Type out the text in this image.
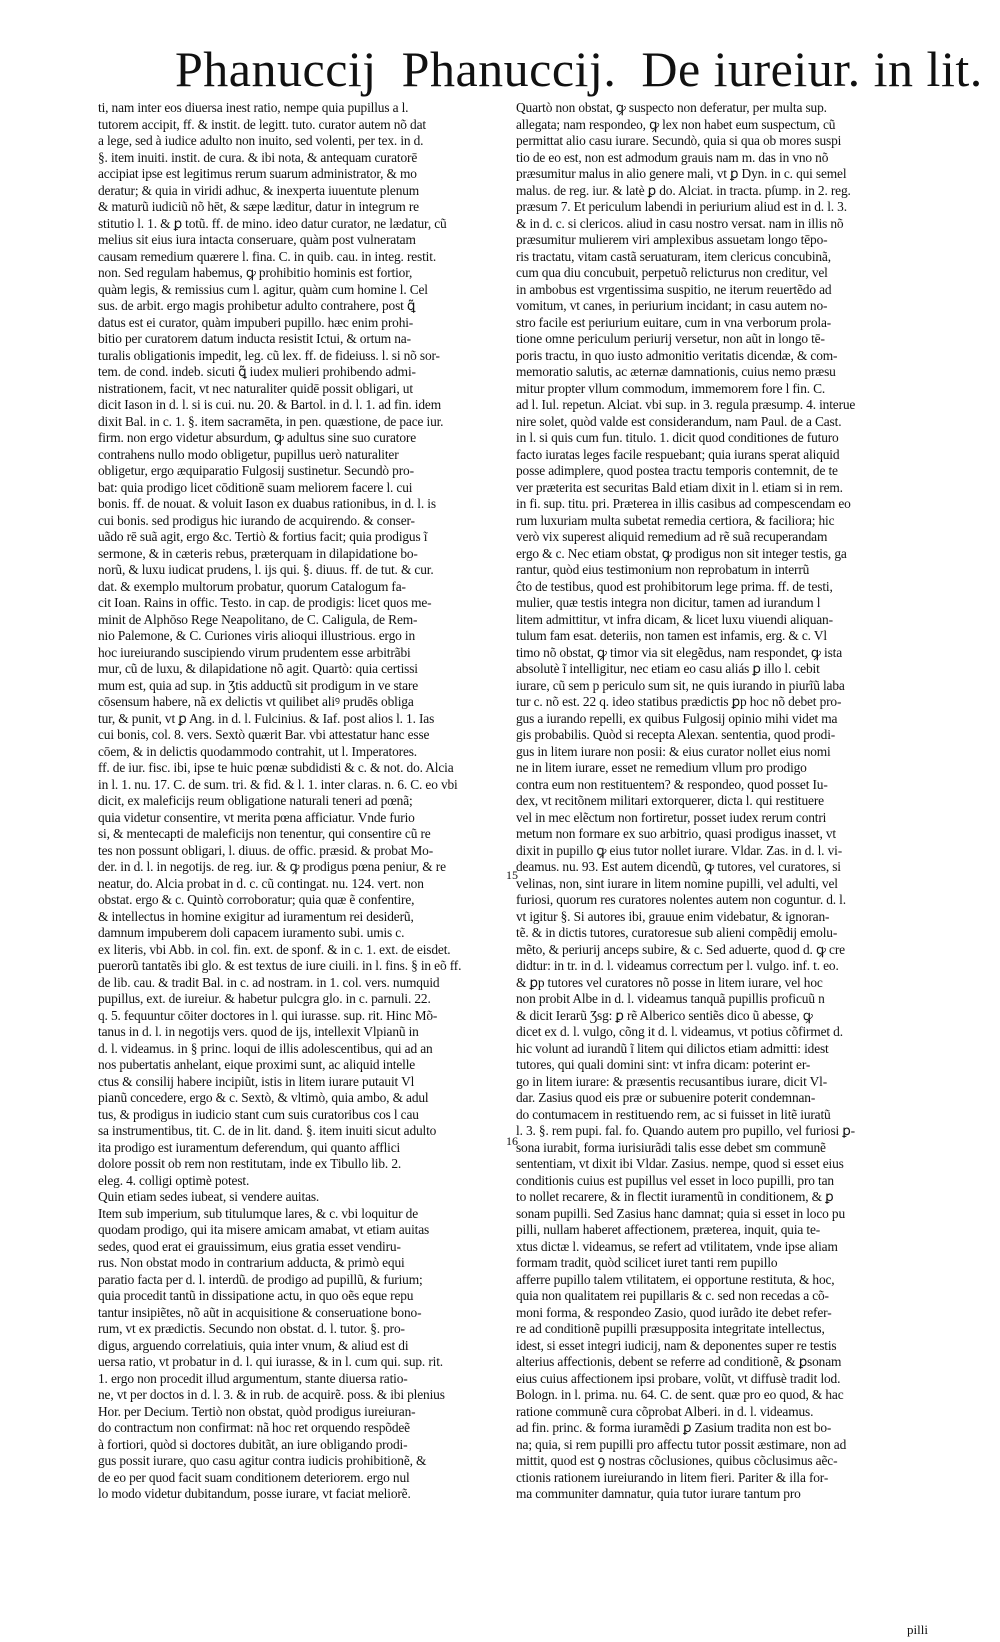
Phanuccij Phanuccij. De iureiur. in lit.
ti, nam inter eos diuersa inest ratio, nempe quia pupillus a l.
tutorem accipit, ff. & instit. de legitt. tuto. curator autem nõ dat
a lege, sed à iudice adulto non inuito, sed volenti, per tex. in d.
§. item inuiti. instit. de cura. & ibi nota, & antequam curatorē
accipiat ipse est legitimus rerum suarum administrator, & mo
deratur; & quia in viridi adhuc, & inexperta iuuentute plenum
& maturũ iudiciũ nõ hēt, & sæpe læditur, datur in integrum re
stitutio l. 1. & ꝑ totũ. ff. de mino. ideo datur curator, ne lædatur, cũ
melius sit eius iura intacta conseruare, quàm post vulneratam
causam remedium quærere l. fina. C. in quib. cau. in integ. restit.
non. Sed regulam habemus, ꝙ prohibitio hominis est fortior,
quàm legis, & remissius cum l. agitur, quàm cum homine l. Cel
sus. de arbit. ergo magis prohibetur adulto contrahere, post ꝗ̃
datus est ei curator, quàm impuberi pupillo. hæc enim prohi-
bitio per curatorem datum inducta resistit Ictui, & ortum na-
turalis obligationis impedit, leg. cũ lex. ff. de fideiuss. l. si nõ sor-
tem. de cond. indeb. sicuti ꝗ̃ iudex mulieri prohibendo admi-
nistrationem, facit, vt nec naturaliter quidē possit obligari, ut
dicit Iason in d. l. si is cui. nu. 20. & Bartol. in d. l. 1. ad fin. idem
dixit Bal. in c. 1. §. item sacramēta, in pen. quæstione, de pace iur.
firm. non ergo videtur absurdum, ꝙ adultus sine suo curatore
contrahens nullo modo obligetur, pupillus uerò naturaliter
obligetur, ergo æquiparatio Fulgosij sustinetur. Secundò pro-
bat: quia prodigo licet cōditionē suam meliorem facere l. cui
bonis. ff. de nouat. & voluit Iason ex duabus rationibus, in d. l. is
cui bonis. sed prodigus hic iurando de acquirendo. & conser-
uãdo rē suã agit, ergo &c. Tertiò & fortius facit; quia prodigus ĩ
sermone, & in cæteris rebus, præterquam in dilapidatione bo-
norũ, & luxu iudicat prudens, l. ijs qui. §. diuus. ff. de tut. & cur.
dat. & exemplo multorum probatur, quorum Catalogum fa-
cit Ioan. Rains in offic. Testo. in cap. de prodigis: licet quos me-
minit de Alphōso Rege Neapolitano, de C. Caligula, de Rem-
nio Palemone, & C. Curiones viris alioqui illustrious. ergo in
hoc iureiurando suscipiendo virum prudentem esse arbitrãbi
mur, cũ de luxu, & dilapidatione nõ agit. Quartò: quia certissi
mum est, quia ad sup. in Ʒtis adductũ sit prodigum in ve stare
cōsensum habere, nã ex delictis vt quilibet aliꝰ prudēs obliga
tur, & punit, vt ꝑ Ang. in d. l. Fulcinius. & Iaf. post alios l. 1. Ias
cui bonis, col. 8. vers. Sextò quærit Bar. vbi attestatur hanc esse
cōem, & in delictis quodammodo contrahit, ut l. Imperatores.
ff. de iur. fisc. ibi, ipse te huic pœnæ subdidisti & c. & not. do. Alcia
in l. 1. nu. 17. C. de sum. tri. & fid. & l. 1. inter claras. n. 6. C. eo vbi
dicit, ex maleficijs reum obligatione naturali teneri ad pœnã;
quia videtur consentire, vt merita pœna afficiatur. Vnde furio
si, & mentecapti de maleficijs non tenentur, qui consentire cũ re
tes non possunt obligari, l. diuus. de offic. præsid. & probat Mo-
der. in d. l. in negotijs. de reg. iur. & ꝙ prodigus pœna peniur, & re
neatur, do. Alcia probat in d. c. cũ contingat. nu. 124. vert. non
obstat. ergo & c. Quintò corroboratur; quia quæ ẽ confentire,
& intellectus in homine exigitur ad iuramentum rei desiderũ,
damnum impuberem doli capacem iuramento subi. umis c.
ex literis, vbi Abb. in col. fin. ext. de sponf. & in c. 1. ext. de eisdet.
puerorũ tantatẽs ibi glo. & est textus de iure ciuili. in l. fins. § in eõ ff.
de lib. cau. & tradit Bal. in c. ad nostram. in 1. col. vers. numquid
pupillus, ext. de iureiur. & habetur pulcgra glo. in c. parnuli. 22.
q. 5. fequuntur cōiter doctores in l. qui iurasse. sup. rit. Hinc Mõ-
tanus in d. l. in negotijs vers. quod de ijs, intellexit Vlpianũ in
d. l. videamus. in § princ. loqui de illis adolescentibus, qui ad an
nos pubertatis anhelant, eique proximi sunt, ac aliquid intelle
ctus & consilij habere incipiũt, istis in litem iurare putauit Vl
pianũ concedere, ergo & c. Sextò, & vltimò, quia ambo, & adul
tus, & prodigus in iudicio stant cum suis curatoribus cos l cau
sa instrumentibus, tit. C. de in lit. dand. §. item inuiti sicut adulto
ita prodigo est iuramentum deferendum, qui quanto afflici
dolore possit ob rem non restitutam, inde ex Tibullo lib. 2.
eleg. 4. colligi optimè potest.
Quin etiam sedes iubeat, si vendere auitas.
Item sub imperium, sub titulumque lares, & c. vbi loquitur de
quodam prodigo, qui ita misere amicam amabat, vt etiam auitas
sedes, quod erat ei grauissimum, eius gratia esset vendiru-
rus. Non obstat modo in contrarium adducta, & primò equi
paratio facta per d. l. interdũ. de prodigo ad pupillũ, & furium;
quia procedit tantũ in dissipatione actu, in quo oẽs eque repu
tantur insipiẽtes, nõ aũt in acquisitione & conseruatione bono-
rum, vt ex prædictis. Secundo non obstat. d. l. tutor. §. pro-
digus, arguendo correlatiuis, quia inter vnum, & aliud est di
uersa ratio, vt probatur in d. l. qui iurasse, & in l. cum qui. sup. rit.
1. ergo non procedit illud argumentum, stante diuersa ratio-
ne, vt per doctos in d. l. 3. & in rub. de acquirẽ. poss. & ibi plenius
Hor. per Decium. Tertiò non obstat, quòd prodigus iureiuran-
do contractum non confirmat: nã hoc ret orquendo respõdeẽ
à fortiori, quòd si doctores dubitãt, an iure obligando prodi-
gus possit iurare, quo casu agitur contra iudicis prohibitionẽ, &
de eo per quod facit suam conditionem deteriorem. ergo nul
lo modo videtur dubitandum, posse iurare, vt faciat meliorẽ.
Quartò non obstat, ꝙ suspecto non deferatur, per multa sup.
allegata; nam respondeo, ꝙ lex non habet eum suspectum, cũ
permittat alio casu iurare. Secundò, quia si qua ob mores suspi
tio de eo est, non est admodum grauis nam m. das in vno nõ
præsumitur malus in alio genere mali, vt ꝑ Dyn. in c. qui semel
malus. de reg. iur. & latè ꝑ do. Alciat. in tracta. pſump. in 2. reg.
præsum 7. Et periculum labendi in periurium aliud est in d. l. 3.
& in d. c. si clericos. aliud in casu nostro versat. nam in illis nõ
præsumitur mulierem viri amplexibus assuetam longo tēpo-
ris tractatu, vitam castã seruaturam, item clericus concubinã,
cum qua diu concubuit, perpetuõ relicturus non creditur, vel
in ambobus est vrgentissima suspitio, ne iterum reuertẽdo ad
vomitum, vt canes, in periurium incidant; in casu autem no-
stro facile est periurium euitare, cum in vna verborum prola-
tione omne periculum periurij versetur, non aũt in longo tē-
poris tractu, in quo iusto admonitio veritatis dicendæ, & com-
memoratio salutis, ac æternæ damnationis, cuius nemo præsu
mitur propter vllum commodum, immemorem fore l fin. C.
ad l. Iul. repetun. Alciat. vbi sup. in 3. regula præsump. 4. interue
nire solet, quòd valde est considerandum, nam Paul. de a Cast.
in l. si quis cum fun. titulo. 1. dicit quod conditiones de futuro
facto iuratas leges facile respuebant; quia iurans sperat aliquid
posse adimplere, quod postea tractu temporis contemnit, de te
ver præterita est securitas Bald etiam dixit in l. etiam si in rem.
in fi. sup. titu. pri. Præterea in illis casibus ad compescendam eo
rum luxuriam multa subetat remedia certiora, & faciliora; hic
verò vix superest aliquid remedium ad rẽ suã recuperandam
ergo & c. Nec etiam obstat, ꝙ prodigus non sit integer testis, ga
rantur, quòd eius testimonium non reprobatum in interrũ
ĉto de testibus, quod est prohibitorum lege prima. ff. de testi,
mulier, quæ testis integra non dicitur, tamen ad iurandum l
litem admittitur, vt infra dicam, & licet luxu viuendi aliquan-
tulum fam esat. deteriis, non tamen est infamis, erg. & c. Vl
timo nõ obstat, ꝙ timor via sit elegẽdus, nam respondet, ꝙ ista
absolutè ĩ intelligitur, nec etiam eo casu aliás ꝑ illo l. cebit
iurare, cũ sem p periculo sum sit, ne quis iurando in piurĩũ laba
tur c. nõ est. 22 q. ideo statibus prædictis ꝑp hoc nõ debet pro-
gus a iurando repelli, ex quibus Fulgosij opinio mihi videt ma
gis probabilis. Quòd si recepta Alexan. sententia, quod prodi-
gus in litem iurare non posii: & eius curator nollet eius nomi
ne in litem iurare, esset ne remedium vllum pro prodigo
contra eum non restituentem? & respondeo, quod posset Iu-
dex, vt recitõnem militari extorquerer, dicta l. qui restituere
vel in mec elẽctum non fortiretur, posset iudex rerum contri
metum non formare ex suo arbitrio, quasi prodigus inasset, vt
dixit in pupillo ꝙ eius tutor nollet iurare. Vldar. Zas. in d. l. vi-
deamus. nu. 93. Est autem dicendũ, ꝙ tutores, vel curatores, si
velinas, non, sint iurare in litem nomine pupilli, vel adulti, vel
furiosi, quorum res curatores nolentes autem non coguntur. d. l.
vt igitur §. Si autores ibi, grauue enim videbatur, & ignoran-
tẽ. & in dictis tutores, curatoresue sub alieni compẽdij emolu-
mẽto, & periurij anceps subire, & c. Sed aduerte, quod d. ꝙ cre
didtur: in tr. in d. l. videamus correctum per l. vulgo. inf. t. eo.
& ꝑp tutores vel curatores nõ posse in litem iurare, vel hoc
non probit Albe in d. l. videamus tanquã pupillis proficuũ n
& dicit Ierarũ Ʒsg: ꝑ rẽ Alberico sentiẽs dico ũ abesse, ꝙ
dicet ex d. l. vulgo, cõng it d. l. videamus, vt potius cõfirmet d.
hic volunt ad iurandũ ĩ litem qui dilictos etiam admitti: idest
tutores, qui quali domini sint: vt infra dicam: poterint er-
go in litem iurare: & præsentis recusantibus iurare, dicit Vl-
dar. Zasius quod eis præ or subuenire poterit condemnan-
do contumacem in restituendo rem, ac si fuisset in litẽ iuratũ
l. 3. §. rem pupi. fal. fo. Quando autem pro pupillo, vel furiosi ꝑ-
sona iurabit, forma iurisiurãdi talis esse debet sm communẽ
sententiam, vt dixit ibi Vldar. Zasius. nempe, quod si esset eius
conditionis cuius est pupillus vel esset in loco pupilli, pro tan
to nollet recarere, & in flectit iuramentũ in conditionem, & ꝑ
sonam pupilli. Sed Zasius hanc damnat; quia si esset in loco pu
pilli, nullam haberet affectionem, præterea, inquit, quia te-
xtus dictæ l. videamus, se refert ad vtilitatem, vnde ipse aliam
formam tradit, quòd scilicet iuret tanti rem pupillo
afferre pupillo talem vtilitatem, ei opportune restituta, & hoc,
quia non qualitatem rei pupillaris & c. sed non recedas a cõ-
moni forma, & respondeo Zasio, quod iurãdo ite debet refer-
re ad conditionẽ pupilli præsupposita integritate intellectus,
idest, si esset integri iudicij, nam & deponentes super re testis
alterius affectionis, debent se referre ad conditionẽ, & ꝑsonam
eius cuius affectionem ipsi probare, volũt, vt diffusè tradit lod.
Bologn. in l. prima. nu. 64. C. de sent. quæ pro eo quod, & hac
ratione communẽ cura cõprobat Alberi. in d. l. videamus.
ad fin. princ. & forma iuramẽdi ꝑ Zasium tradita non est bo-
na; quia, si rem pupilli pro affectu tutor possit æstimare, non ad
mittit, quod est ꝯ nostras cõclusiones, quibus cõclusimus aẽc-
ctionis rationem iureiurando in litem fieri. Pariter & illa for-
ma communiter damnatur, quia tutor iurare tantum pro
15
16
pilli
